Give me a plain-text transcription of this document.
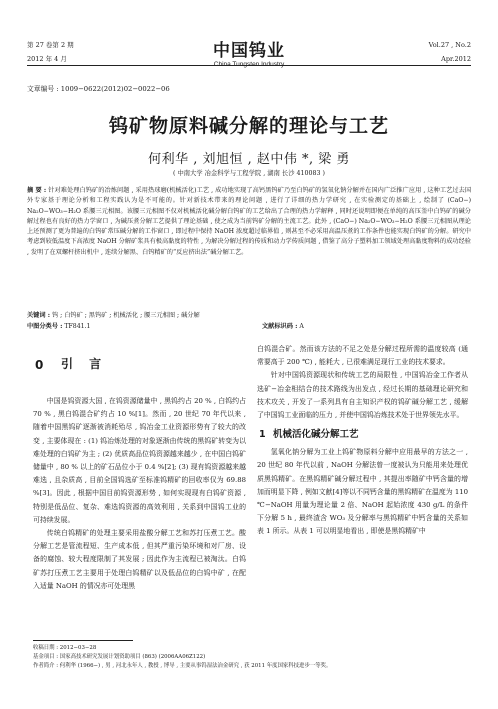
第 27 卷第 2 期
2012 年 4 月	中国钨业
China Tungsten Industry
Vol.27 , No.2
Apr.2012
文章编号 : 1009−0622(2012)02−0022−06
钨矿物原料碱分解的理论与工艺
何利华 , 刘旭恒 , 赵中伟 *, 梁 勇
( 中南大学 冶金科学与工程学院 , 湖南 长沙 410083 )
摘 要 : 针对难处理白钨矿的冶炼问题 , 采用热球磨(机械活化)工艺 , 成功地实现了高钙黑钨矿乃至白钨矿的氢氧化钠分解并在国内广泛推广应用 , 这种工艺过去国外专家基于理论分析和工程实践认为是不可能的。针对新技术带来的理论问题 , 进行了详细的热力学研究 , 在实验测定的基础上 , 绘制了 (CaO−) Na₂O−WO₃−H₂O 系腰三元相图。该腰三元相图不仅对机械活化碱分解白钨矿的工艺给出了合理的热力学解释 , 同时还说明即便在单纯的高压釜中白钨矿的碱分解过程也有良好的热力学窗口 , 为碱压煮分解工艺提供了理论基础 , 使之成为当前钨矿分解的主流工艺。此外 , (CaO−) Na₂O−WO₃−H₂O 系腰三元相图从理论上还预测了更为普遍的白钨矿常压碱分解的工作窗口 , 即过程中保持 NaOH 浓度超过临界值 , 则甚至不必采用高温压煮的工作条件也能实现白钨矿的分解。研究中考虑到较低温度下高浓度 NaOH 分解矿浆具有极高黏度的特性 , 为解决分解过程的传质和动力学传质问题 , 借鉴了高分子塑料加工领域处理高黏度物料的成功经验 , 发明了在双螺杆挤出机中 , 连续分解黑、白钨精矿的“反应挤出法”碱分解工艺。
关键词 : 钨 ; 白钨矿 ; 黑钨矿 ; 机械活化 ; 腰三元相图 ; 碱分解
中图分类号 : TF841.1	文献标识码 : A
0 引 言

中国是钨资源大国 , 在钨资源储量中 , 黑钨约占 20 % , 白钨约占 70 % , 黑白钨混合矿约占 10 %[1]。然而 , 20 世纪 70 年代以来 , 随着中国黑钨矿逐渐被消耗殆尽 , 钨冶金工业资源形势有了较大的改变 , 主要体现在 : (1) 钨冶炼处理的对象逐渐由传统的黑钨矿转变为以难处理的白钨矿为主 ; (2) 优质高品位钨资源越来越少 , 在中国白钨矿储量中 , 80 % 以上的矿石品位小于 0.4 %[2]; (3) 现有钨资源越来越难选 , 且杂质高 , 目前全国钨选矿至标准钨精矿的回收率仅为 69.88 %[3]。因此 , 根据中国目前钨资源形势 , 如何实现现有白钨矿资源 , 特别是低品位、复杂、难选钨资源的高效利用 , 关系到中国钨工业的可持续发展。

传统白钨精矿的处理主要采用盐酸分解工艺和苏打压煮工艺。酸分解工艺是管流程短、生产成本低 , 但其严重污染环境和对厂房、设备的腐蚀、较大程度限制了其发展 ; 因此作为主流程已被淘汰。白钨矿苏打压煮工艺主要用于处理白钨精矿以及低品位的白钨中矿 , 在配入适量 NaOH 的情况亦可处理黑

白钨混合矿。然而该方法的不足之处是分解过程所需的温度较高 (通常要高于 200 ℃) , 能耗大 , 已很难满足现行工业的技术要求。

针对中国钨资源现状和传统工艺的局限性 , 中国钨冶金工作者从选矿−冶金相结合的技术路线为出发点 , 经过长期的基础理论研究和技术攻关 , 开发了一系列具有自主知识产权的钨矿碱分解工艺 , 缓解了中国钨工业面临的压力 , 并使中国钨冶炼技术处于世界领先水平。

1 机械活化碱分解工艺

氢氧化钠分解为工业上钨矿物原料分解中应用最早的方法之一 , 20 世纪 80 年代以前 , NaOH 分解法曾一度被认为只能用来处理优质黑钨精矿。在黑钨精矿碱分解过程中 , 其提出率随矿中钙含量的增加而明显下降 , 例如文献[4]等以不同钙含量的黑钨精矿在温度为 110 ℃−NaOH 用量为理论量 2 倍、NaOH 起始浓度 430 g/L 的条件下分解 5 h , 最终渣含 WO₃ 及分解率与黑钨精矿中钙含量的关系如表 1 所示。从表 1 可以明显地看出 , 即使是黑钨精矿中

收稿日期 : 2012−03−28
基金项目 : 国家高技术研究发展计划资助项目 (863) (2006AA06Z122)
作者简介 : 何利华 (1966−) , 男 , 河北永年人 , 教授 , 博导 , 主要从事钨湿法冶金研究 , 获 2011 年度国家科技进步一等奖。
